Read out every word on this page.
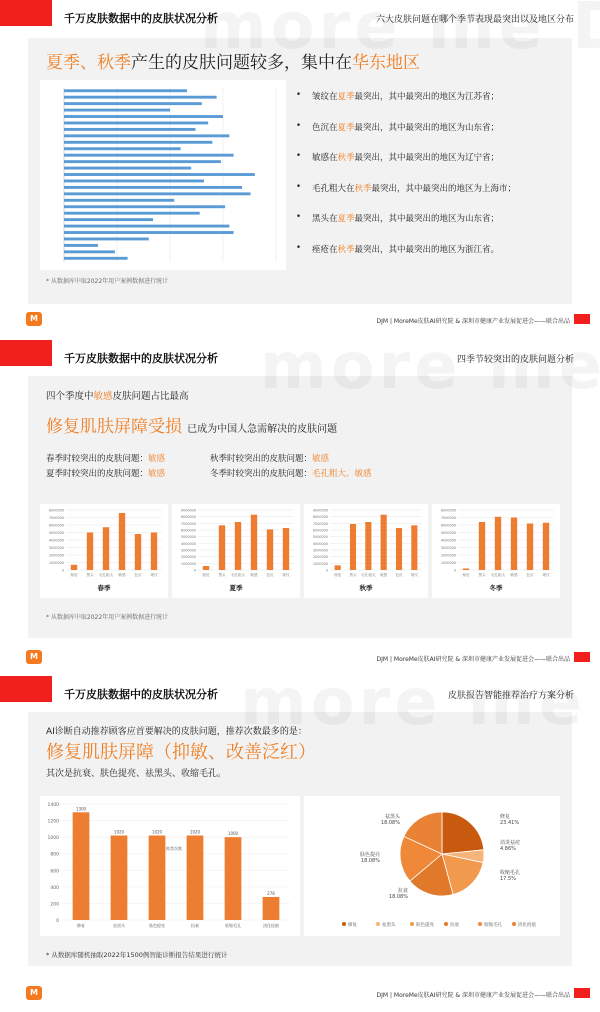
千万皮肤数据中的皮肤状况分析	六大皮肤问题在哪个季节表现最突出以及地区分布
夏季、秋季产生的皮肤问题较多，集中在华东地区
* 从数据库中取2022年用户案例数据进行统计
• 皱纹在夏季最突出，其中最突出的地区为江苏省；
• 色沉在夏季最突出，其中最突出的地区为山东省；
• 敏感在秋季最突出，其中最突出的地区为辽宁省；
• 毛孔粗大在秋季最突出，其中最突出的地区为上海市；
• 黑头在夏季最突出，其中最突出的地区为山东省；
• 痤疮在秋季最突出，其中最突出的地区为浙江省。
M	DJM | MoreMe皮肤AI研究院 & 深圳市健康产业发展促进会——联合出品
千万皮肤数据中的皮肤状况分析	四季节较突出的皮肤问题分析
四个季度中敏感皮肤问题占比最高
修复肌肤屏障受损 已成为中国人急需解决的皮肤问题
春季时较突出的皮肤问题：敏感	秋季时较突出的皮肤问题：敏感
夏季时较突出的皮肤问题：敏感	冬季时较突出的皮肤问题：毛孔粗大、敏感
0
1000000
2000000
3000000
4000000
5000000
6000000
7000000
8000000
痤疮 黑头 毛孔粗大 敏感 色沉 皱纹
春季
0
1000000
2000000
3000000
4000000
5000000
6000000
7000000
8000000
9000000
痤疮 黑头 毛孔粗大 敏感 色沉 皱纹
夏季
0
1000000
2000000
3000000
4000000
5000000
6000000
7000000
8000000
9000000
痤疮 黑头 毛孔粗大 敏感 色沉 皱纹
秋季
0
1000000
2000000
3000000
4000000
5000000
6000000
7000000
8000000
痤疮 黑头 毛孔粗大 敏感 色沉 皱纹
冬季
* 从数据库中取2022年用户案例数据进行统计
M	DJM | MoreMe皮肤AI研究院 & 深圳市健康产业发展促进会——联合出品
千万皮肤数据中的皮肤状况分析	皮肤报告智能推荐治疗方案分析
AI诊断自动推荐顾客应首要解决的皮肤问题，推荐次数最多的是：
修复肌肤屏障（抑敏、改善泛红）
其次是抗衰、肤色提亮、祛黑头、收缩毛孔。
0
200
400
600
800
1000
1200
1400
1300
修复
1020
祛黑头
1020
肤色提亮
1020
抗衰
1000
收缩毛孔
278
淡化痘痕
推荐次数
修复
23.41%
消炎祛痘
4.86%
收缩毛孔
17.5%
抗衰
18.08%
肤色提亮
18.08%
祛黑头
18.08%
修复	祛黑头	肤色提亮	抗衰	收缩毛孔	淡化痘痕
* 从数据库随机抽取2022年1500例智能诊断报告结果进行统计
M	DJM | MoreMe皮肤AI研究院 & 深圳市健康产业发展促进会——联合出品
